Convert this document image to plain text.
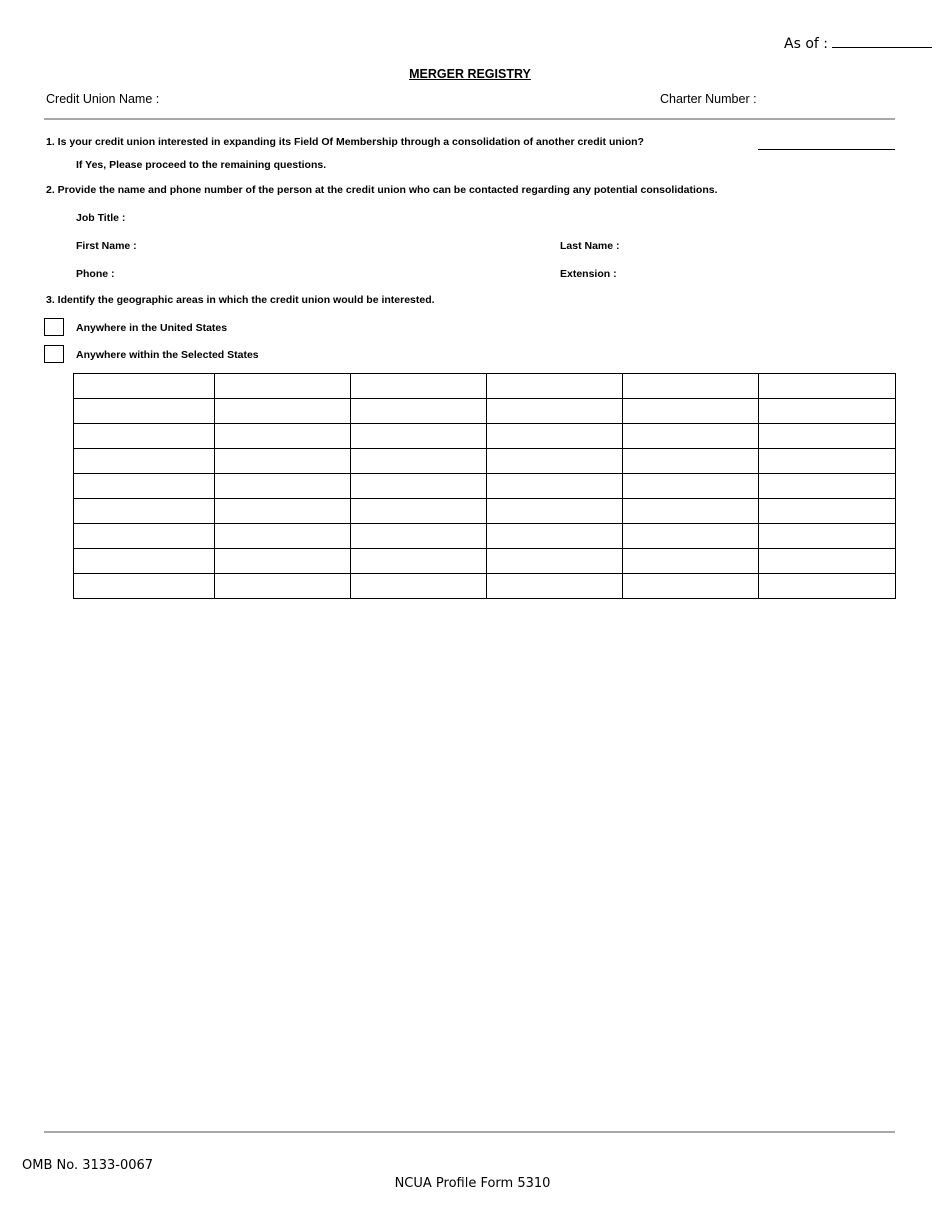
As of :
MERGER REGISTRY
Credit Union Name :	Charter Number :
1. Is your credit union interested in expanding its Field Of Membership through a consolidation of another credit union?
If Yes, Please proceed to the remaining questions.
2. Provide the name and phone number of the person at the credit union who can be contacted regarding any potential consolidations.
Job Title :
First Name :	Last Name :
Phone :	Extension :
3. Identify the geographic areas in which the credit union would be interested.
Anywhere in the United States
Anywhere within the Selected States

OMB No. 3133-0067
NCUA Profile Form 5310
